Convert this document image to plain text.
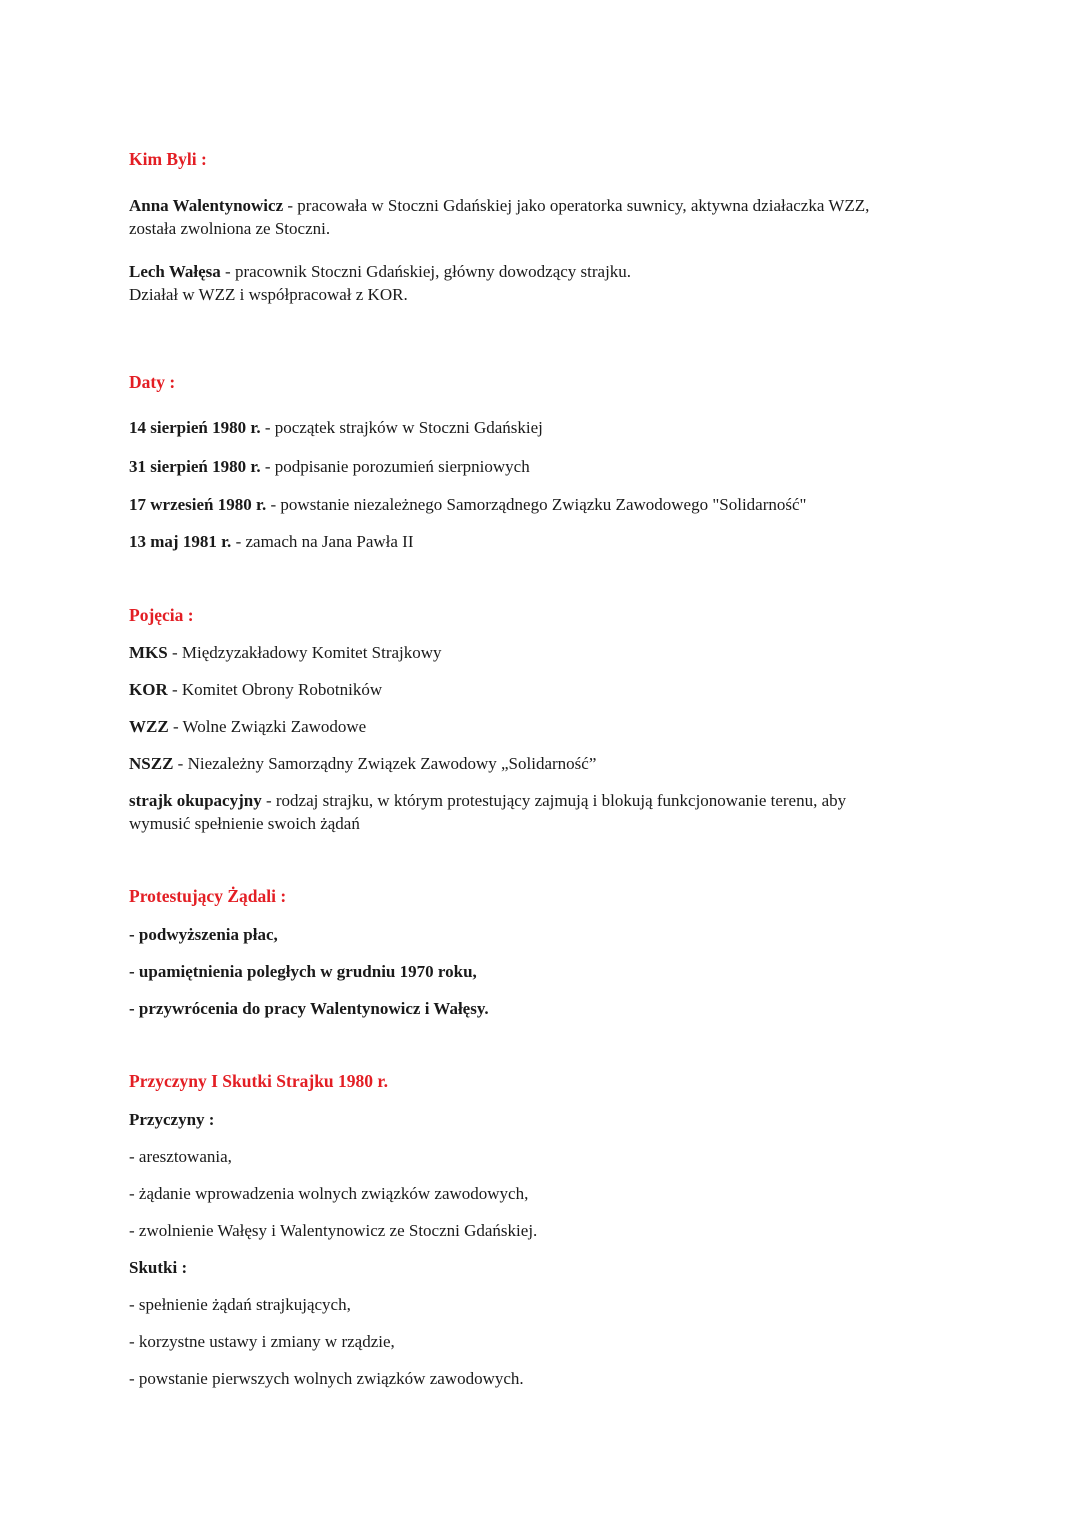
Kim Byli :
Anna Walentynowicz - pracowała w Stoczni Gdańskiej jako operatorka suwnicy, aktywna działaczka WZZ,
została zwolniona ze Stoczni.
Lech Wałęsa - pracownik Stoczni Gdańskiej, główny dowodzący strajku.
Działał w WZZ i współpracował z KOR.
Daty :
14 sierpień 1980 r. - początek strajków w Stoczni Gdańskiej
31 sierpień 1980 r. - podpisanie porozumień sierpniowych
17 wrzesień 1980 r. - powstanie niezależnego Samorządnego Związku Zawodowego "Solidarność"
13 maj 1981 r. - zamach na Jana Pawła II
Pojęcia :
MKS - Międzyzakładowy Komitet Strajkowy
KOR - Komitet Obrony Robotników
WZZ - Wolne Związki Zawodowe
NSZZ - Niezależny Samorządny Związek Zawodowy „Solidarność”
strajk okupacyjny - rodzaj strajku, w którym protestujący zajmują i blokują funkcjonowanie terenu, aby
wymusić spełnienie swoich żądań
Protestujący Żądali :
- podwyższenia płac,
- upamiętnienia poległych w grudniu 1970 roku,
- przywrócenia do pracy Walentynowicz i Wałęsy.
Przyczyny I Skutki Strajku 1980 r.
Przyczyny :
- aresztowania,
- żądanie wprowadzenia wolnych związków zawodowych,
- zwolnienie Wałęsy i Walentynowicz ze Stoczni Gdańskiej.
Skutki :
- spełnienie żądań strajkujących,
- korzystne ustawy i zmiany w rządzie,
- powstanie pierwszych wolnych związków zawodowych.
